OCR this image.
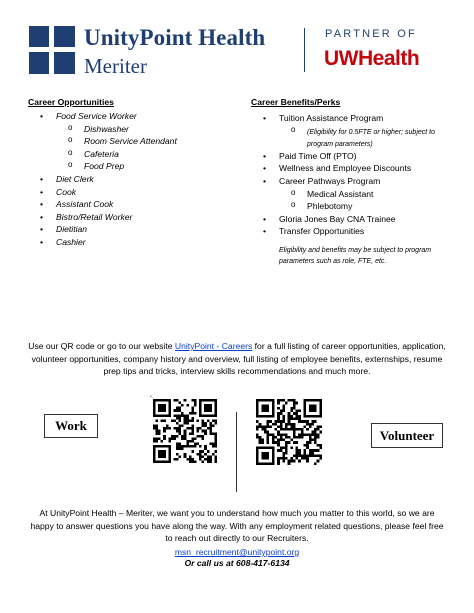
UnityPoint Health
Meriter
PARTNER OF
UWHealth
Career Opportunities
• Food Service Worker
o Dishwasher
o Room Service Attendant
o Cafeteria
o Food Prep
• Diet Clerk
• Cook
• Assistant Cook
• Bistro/Retail Worker
• Dietitian
• Cashier
Career Benefits/Perks
• Tuition Assistance Program
o (Eligibility for 0.5FTE or higher; subject to program parameters)
• Paid Time Off (PTO)
• Wellness and Employee Discounts
• Career Pathways Program
o Medical Assistant
o Phlebotomy
• Gloria Jones Bay CNA Trainee
• Transfer Opportunities
Eligibility and benefits may be subject to program parameters such as role, FTE, etc.
Use our QR code or go to our website UnityPoint - Careers for a full listing of career opportunities, application, volunteer opportunities, company history and overview, full listing of employee benefits, externships, resume prep tips and tricks, interview skills recommendations and much more.
Work
•
Volunteer
At UnityPoint Health – Meriter, we want you to understand how much you matter to this world, so we are happy to answer questions you have along the way. With any employment related questions, please feel free to reach out directly to our Recruiters.
msn_recruitment@unitypoint.org
Or call us at 608-417-6134
